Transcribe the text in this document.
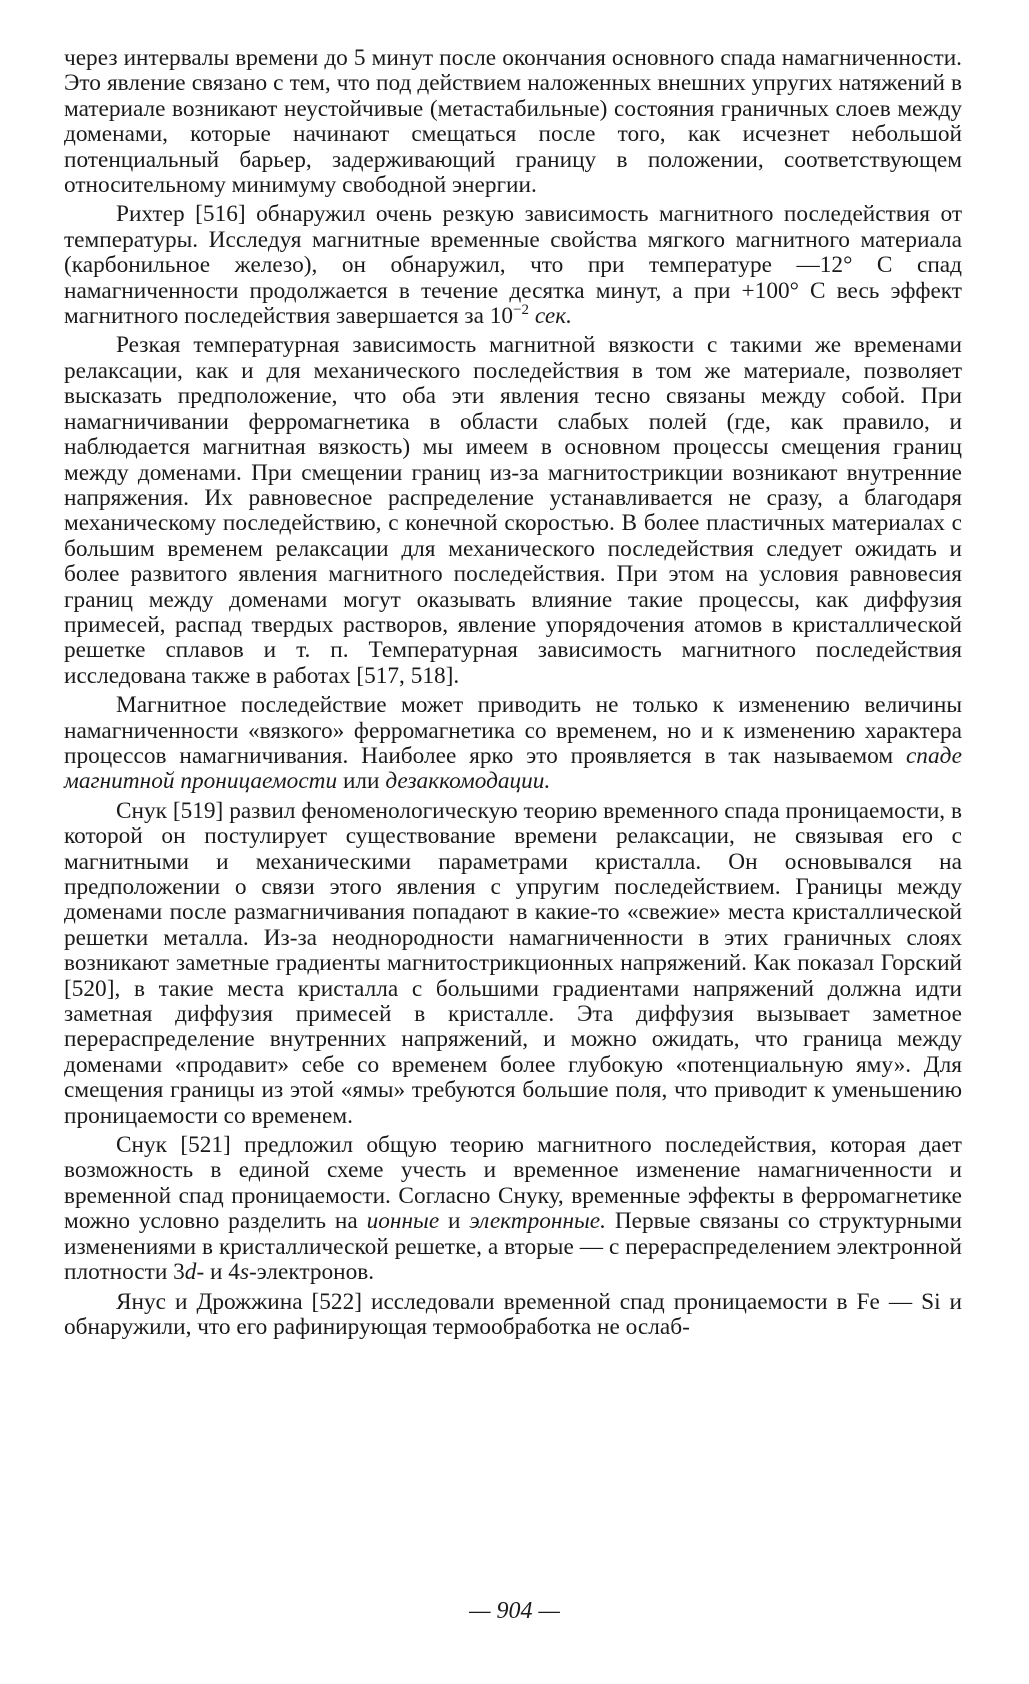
через интервалы времени до 5 минут после окончания основного спада намагниченности. Это явление связано с тем, что под действием наложенных внешних упругих натяжений в материале возникают неустойчивые (метастабильные) состояния граничных слоев между доменами, которые начинают смещаться после того, как исчезнет небольшой потенциальный барьер, задерживающий границу в положении, соответствующем относительному минимуму свободной энергии.

Рихтер [516] обнаружил очень резкую зависимость магнитного последействия от температуры. Исследуя магнитные временные свойства мягкого магнитного материала (карбонильное железо), он обнаружил, что при температуре —12° С спад намагниченности продолжается в течение десятка минут, а при +100° С весь эффект магнитного последействия завершается за $10^{-2}$ сек.

Резкая температурная зависимость магнитной вязкости с такими же временами релаксации, как и для механического последействия в том же материале, позволяет высказать предположение, что оба эти явления тесно связаны между собой. При намагничивании ферромагнетика в области слабых полей (где, как правило, и наблюдается магнитная вязкость) мы имеем в основном процессы смещения границ между доменами. При смещении границ из-за магнитострикции возникают внутренние напряжения. Их равновесное распределение устанавливается не сразу, а благодаря механическому последействию, с конечной скоростью. В более пластичных материалах с большим временем релаксации для механического последействия следует ожидать и более развитого явления магнитного последействия. При этом на условия равновесия границ между доменами могут оказывать влияние такие процессы, как диффузия примесей, распад твердых растворов, явление упорядочения атомов в кристаллической решетке сплавов и т. п. Температурная зависимость магнитного последействия исследована также в работах [517, 518].

Магнитное последействие может приводить не только к изменению величины намагниченности «вязкого» ферромагнетика со временем, но и к изменению характера процессов намагничивания. Наиболее ярко это проявляется в так называемом спаде магнитной проницаемости или дезаккомодации.

Снук [519] развил феноменологическую теорию временного спада проницаемости, в которой он постулирует существование времени релаксации, не связывая его с магнитными и механическими параметрами кристалла. Он основывался на предположении о связи этого явления с упругим последействием. Границы между доменами после размагничивания попадают в какие-то «свежие» места кристаллической решетки металла. Из-за неоднородности намагниченности в этих граничных слоях возникают заметные градиенты магнитострикционных напряжений. Как показал Горский [520], в такие места кристалла с большими градиентами напряжений должна идти заметная диффузия примесей в кристалле. Эта диффузия вызывает заметное перераспределение внутренних напряжений, и можно ожидать, что граница между доменами «продавит» себе со временем более глубокую «потенциальную яму». Для смещения границы из этой «ямы» требуются большие поля, что приводит к уменьшению проницаемости со временем.

Снук [521] предложил общую теорию магнитного последействия, которая дает возможность в единой схеме учесть и временное изменение намагниченности и временной спад проницаемости. Согласно Снуку, временные эффекты в ферромагнетике можно условно разделить на ионные и электронные. Первые связаны со структурными изменениями в кристаллической решетке, а вторые — с перераспределением электронной плотности 3d- и 4s-электронов.

Янус и Дрожжина [522] исследовали временной спад проницаемости в Fe — Si и обнаружили, что его рафинирующая термообработка не ослаб-

— 904 —
